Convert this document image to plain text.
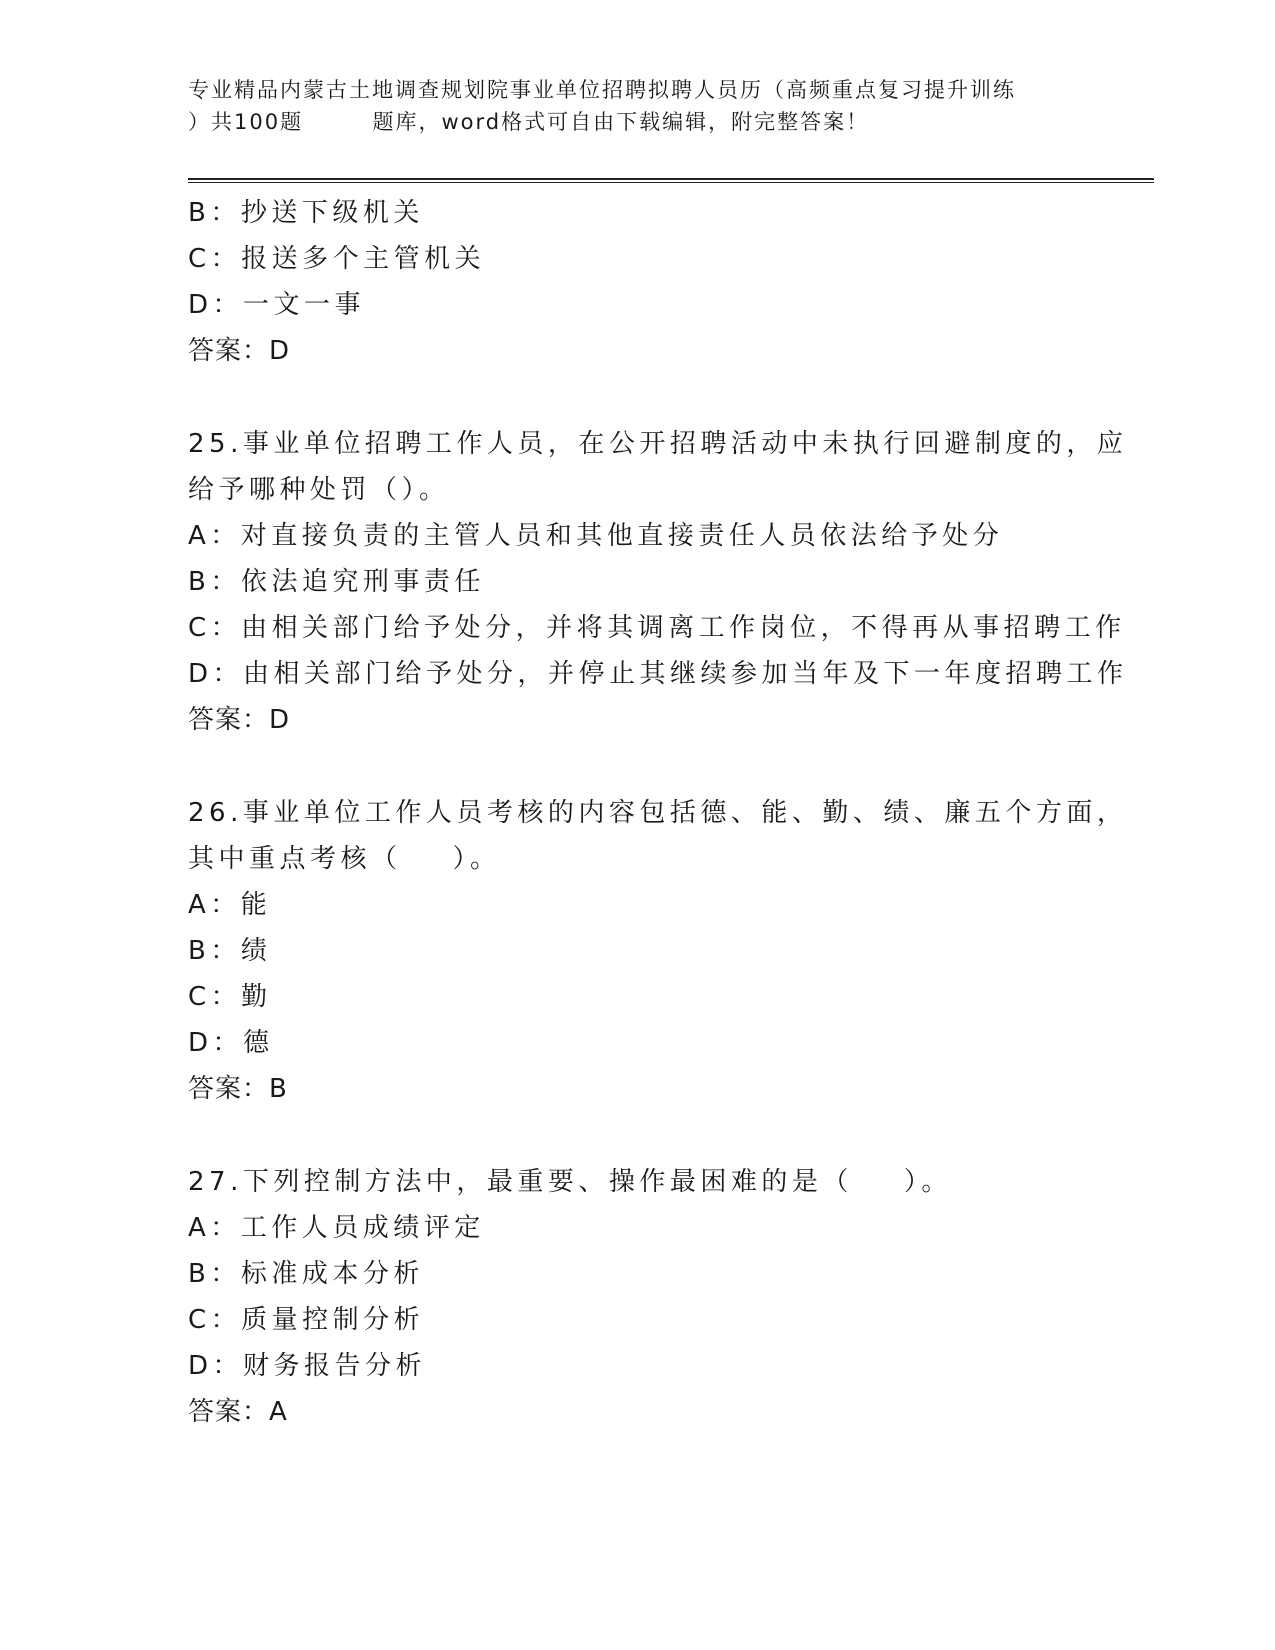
专业精品内蒙古土地调查规划院事业单位招聘拟聘人员历（高频重点复习提升训练
）共100题        题库，word格式可自由下载编辑，附完整答案！
B：抄送下级机关
C：报送多个主管机关
D：一文一事
答案：D
25.事业单位招聘工作人员，在公开招聘活动中未执行回避制度的，应
给予哪种处罚（）。
A：对直接负责的主管人员和其他直接责任人员依法给予处分
B：依法追究刑事责任
C：由相关部门给予处分，并将其调离工作岗位，不得再从事招聘工作
D：由相关部门给予处分，并停止其继续参加当年及下一年度招聘工作
答案：D
26.事业单位工作人员考核的内容包括德、能、勤、绩、廉五个方面，
其中重点考核（    ）。
A：能
B：绩
C：勤
D：德
答案：B
27.下列控制方法中，最重要、操作最困难的是（    ）。
A：工作人员成绩评定
B：标准成本分析
C：质量控制分析
D：财务报告分析
答案：A
